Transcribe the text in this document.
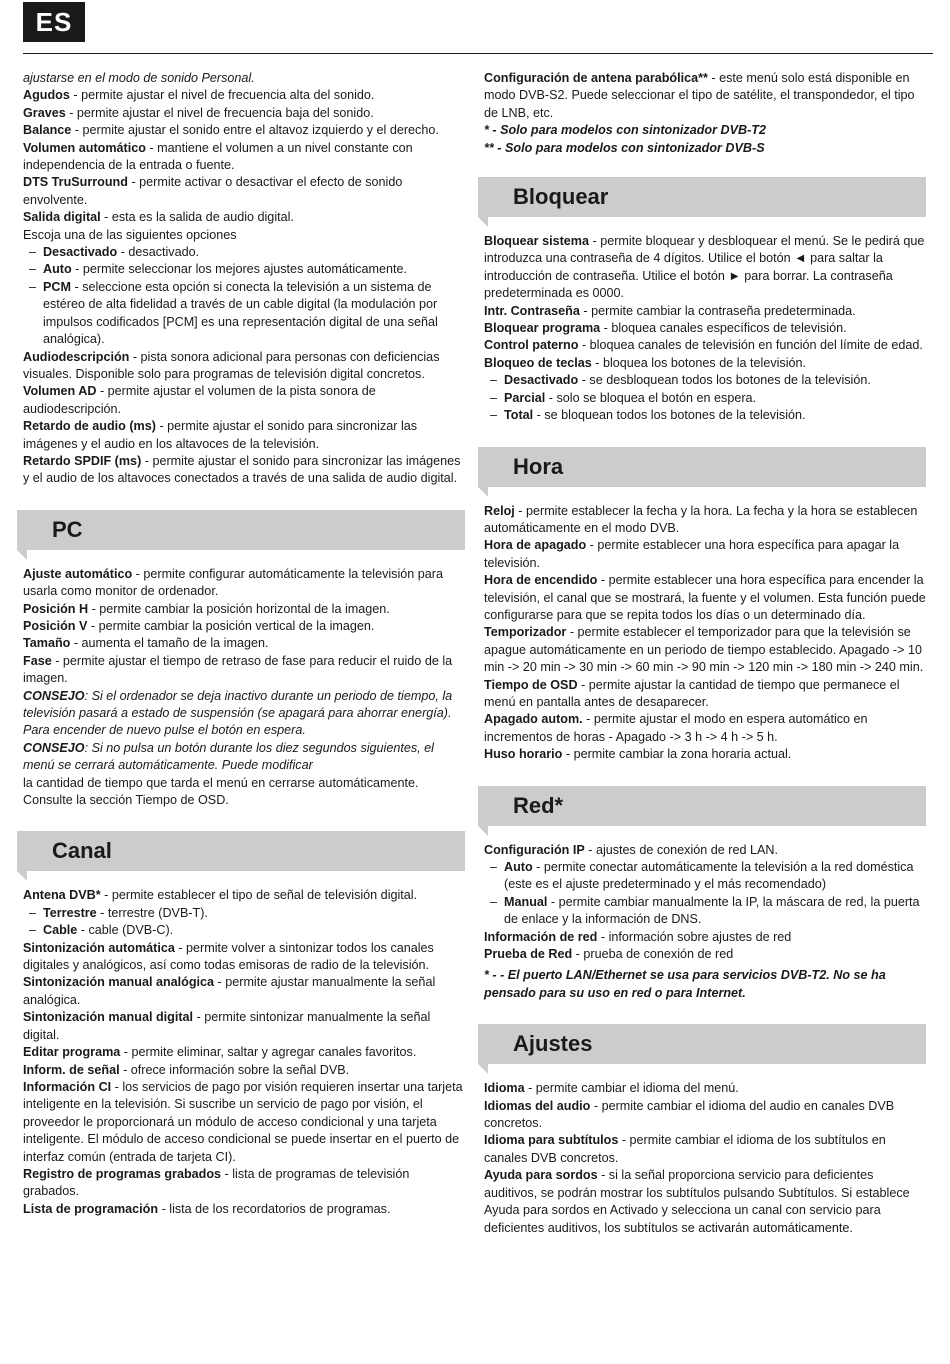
ES

ajustarse en el modo de sonido Personal.

Agudos - permite ajustar el nivel de frecuencia alta del sonido.

Graves - permite ajustar el nivel de frecuencia baja del sonido.

Balance - permite ajustar el sonido entre el altavoz izquierdo y el derecho.

Volumen automático - mantiene el volumen a un nivel constante con independencia de la entrada o fuente.

DTS TruSurround - permite activar o desactivar el efecto de sonido envolvente.

Salida digital - esta es la salida de audio digital.

Escoja una de las siguientes opciones

– Desactivado - desactivado.

– Auto - permite seleccionar los mejores ajustes automáticamente.

– PCM - seleccione esta opción si conecta la televisión a un sistema de estéreo de alta fidelidad a través de un cable digital (la modulación por impulsos codificados [PCM] es una representación digital de una señal analógica).

Audiodescripción - pista sonora adicional para personas con deficiencias visuales. Disponible solo para programas de televisión digital concretos.

Volumen AD - permite ajustar el volumen de la pista sonora de audiodescripción.

Retardo de audio (ms) - permite ajustar el sonido para sincronizar las imágenes y el audio en los altavoces de la televisión.

Retardo SPDIF (ms) - permite ajustar el sonido para sincronizar las imágenes y el audio de los altavoces conectados a través de una salida de audio digital.

PC

Ajuste automático - permite configurar automáticamente la televisión para usarla como monitor de ordenador.

Posición H - permite cambiar la posición horizontal de la imagen.

Posición V - permite cambiar la posición vertical de la imagen.

Tamaño - aumenta el tamaño de la imagen.

Fase - permite ajustar el tiempo de retraso de fase para reducir el ruido de la imagen.

CONSEJO: Si el ordenador se deja inactivo durante un periodo de tiempo, la televisión pasará a estado de suspensión (se apagará para ahorrar energía). Para encender de nuevo pulse el botón en espera.

CONSEJO: Si no pulsa un botón durante los diez segundos siguientes, el menú se cerrará automáticamente. Puede modificar

la cantidad de tiempo que tarda el menú en cerrarse automáticamente. Consulte la sección Tiempo de OSD.

Canal

Antena DVB* - permite establecer el tipo de señal de televisión digital.

– Terrestre - terrestre (DVB-T).

– Cable - cable (DVB-C).

Sintonización automática - permite volver a sintonizar todos los canales digitales y analógicos, así como todas emisoras de radio de la televisión.

Sintonización manual analógica - permite ajustar manualmente la señal analógica.

Sintonización manual digital - permite sintonizar manualmente la señal digital.

Editar programa - permite eliminar, saltar y agregar canales favoritos.

Inform. de señal - ofrece información sobre la señal DVB.

Información CI - los servicios de pago por visión requieren insertar una tarjeta inteligente en la televisión. Si suscribe un servicio de pago por visión, el proveedor le proporcionará un módulo de acceso condicional y una tarjeta inteligente. El módulo de acceso condicional se puede insertar en el puerto de interfaz común (entrada de tarjeta CI).

Registro de programas grabados - lista de programas de televisión grabados.

Lista de programación - lista de los recordatorios de programas.

Configuración de antena parabólica** - este menú solo está disponible en modo DVB-S2. Puede seleccionar el tipo de satélite, el transpondedor, el tipo de LNB, etc.

* - Solo para modelos con sintonizador DVB-T2

** - Solo para modelos con sintonizador DVB-S

Bloquear

Bloquear sistema - permite bloquear y desbloquear el menú. Se le pedirá que introduzca una contraseña de 4 dígitos. Utilice el botón ◄ para saltar la introducción de contraseña. Utilice el botón ► para borrar. La contraseña predeterminada es 0000.

Intr. Contraseña - permite cambiar la contraseña predeterminada.

Bloquear programa - bloquea canales específicos de televisión.

Control paterno - bloquea canales de televisión en función del límite de edad.

Bloqueo de teclas - bloquea los botones de la televisión.

– Desactivado - se desbloquean todos los botones de la televisión.

– Parcial - solo se bloquea el botón en espera.

– Total - se bloquean todos los botones de la televisión.

Hora

Reloj - permite establecer la fecha y la hora. La fecha y la hora se establecen automáticamente en el modo DVB.

Hora de apagado - permite establecer una hora específica para apagar la televisión.

Hora de encendido - permite establecer una hora específica para encender la televisión, el canal que se mostrará, la fuente y el volumen. Esta función puede configurarse para que se repita todos los días o un determinado día.

Temporizador - permite establecer el temporizador para que la televisión se apague automáticamente en un periodo de tiempo establecido. Apagado -> 10 min -> 20 min -> 30 min -> 60 min -> 90 min -> 120 min -> 180 min -> 240 min.

Tiempo de OSD - permite ajustar la cantidad de tiempo que permanece el menú en pantalla antes de desaparecer.

Apagado autom. - permite ajustar el modo en espera automático en incrementos de horas - Apagado -> 3 h -> 4 h -> 5 h.

Huso horario - permite cambiar la zona horaria actual.

Red*

Configuración IP - ajustes de conexión de red LAN.

– Auto - permite conectar automáticamente la televisión a la red doméstica (este es el ajuste predeterminado y el más recomendado)

– Manual - permite cambiar manualmente la IP, la máscara de red, la puerta de enlace y la información de DNS.

Información de red - información sobre ajustes de red

Prueba de Red - prueba de conexión de red

* - - El puerto LAN/Ethernet se usa para servicios DVB-T2. No se ha pensado para su uso en red o para Internet.

Ajustes

Idioma - permite cambiar el idioma del menú.

Idiomas del audio - permite cambiar el idioma del audio en canales DVB concretos.

Idioma para subtítulos - permite cambiar el idioma de los subtítulos en canales DVB concretos.

Ayuda para sordos - si la señal proporciona servicio para deficientes auditivos, se podrán mostrar los subtítulos pulsando Subtítulos. Si establece Ayuda para sordos en Activado y selecciona un canal con servicio para deficientes auditivos, los subtítulos se activarán automáticamente.
